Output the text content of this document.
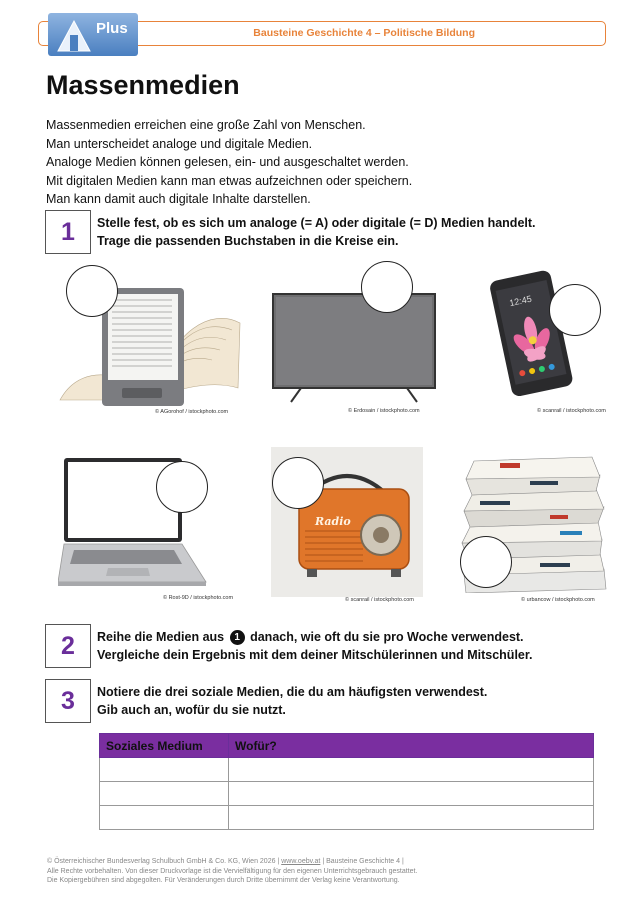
Bausteine Geschichte 4 – Politische Bildung
Plus
Massenmedien
Massenmedien erreichen eine große Zahl von Menschen.
Man unterscheidet analoge und digitale Medien.
Analoge Medien können gelesen, ein- und ausgeschaltet werden.
Mit digitalen Medien kann man etwas aufzeichnen oder speichern.
Man kann damit auch digitale Inhalte darstellen.
1	Stelle fest, ob es sich um analoge (= A) oder digitale (= D) Medien handelt.
Trage die passenden Buchstaben in die Kreise ein.
© AGorohof / istockphoto.com	© Erdosain / istockphoto.com
12:45
© scanrail / istockphoto.com
© Rost-9D / istockphoto.com
Radio
© scanrail / istockphoto.com	© urbancow / istockphoto.com
2	Reihe die Medien aus 1 danach, wie oft du sie pro Woche verwendest.
Vergleiche dein Ergebnis mit dem deiner Mitschülerinnen und Mitschüler.
3	Notiere die drei soziale Medien, die du am häufigsten verwendest.
Gib auch an, wofür du sie nutzt.
Soziales Medium	Wofür?

© Österreichischer Bundesverlag Schulbuch GmbH & Co. KG, Wien 2026 | www.oebv.at | Bausteine Geschichte 4 |
Alle Rechte vorbehalten. Von dieser Druckvorlage ist die Vervielfältigung für den eigenen Unterrichtsgebrauch gestattet.
Die Kopiergebühren sind abgegolten. Für Veränderungen durch Dritte übernimmt der Verlag keine Verantwortung.
